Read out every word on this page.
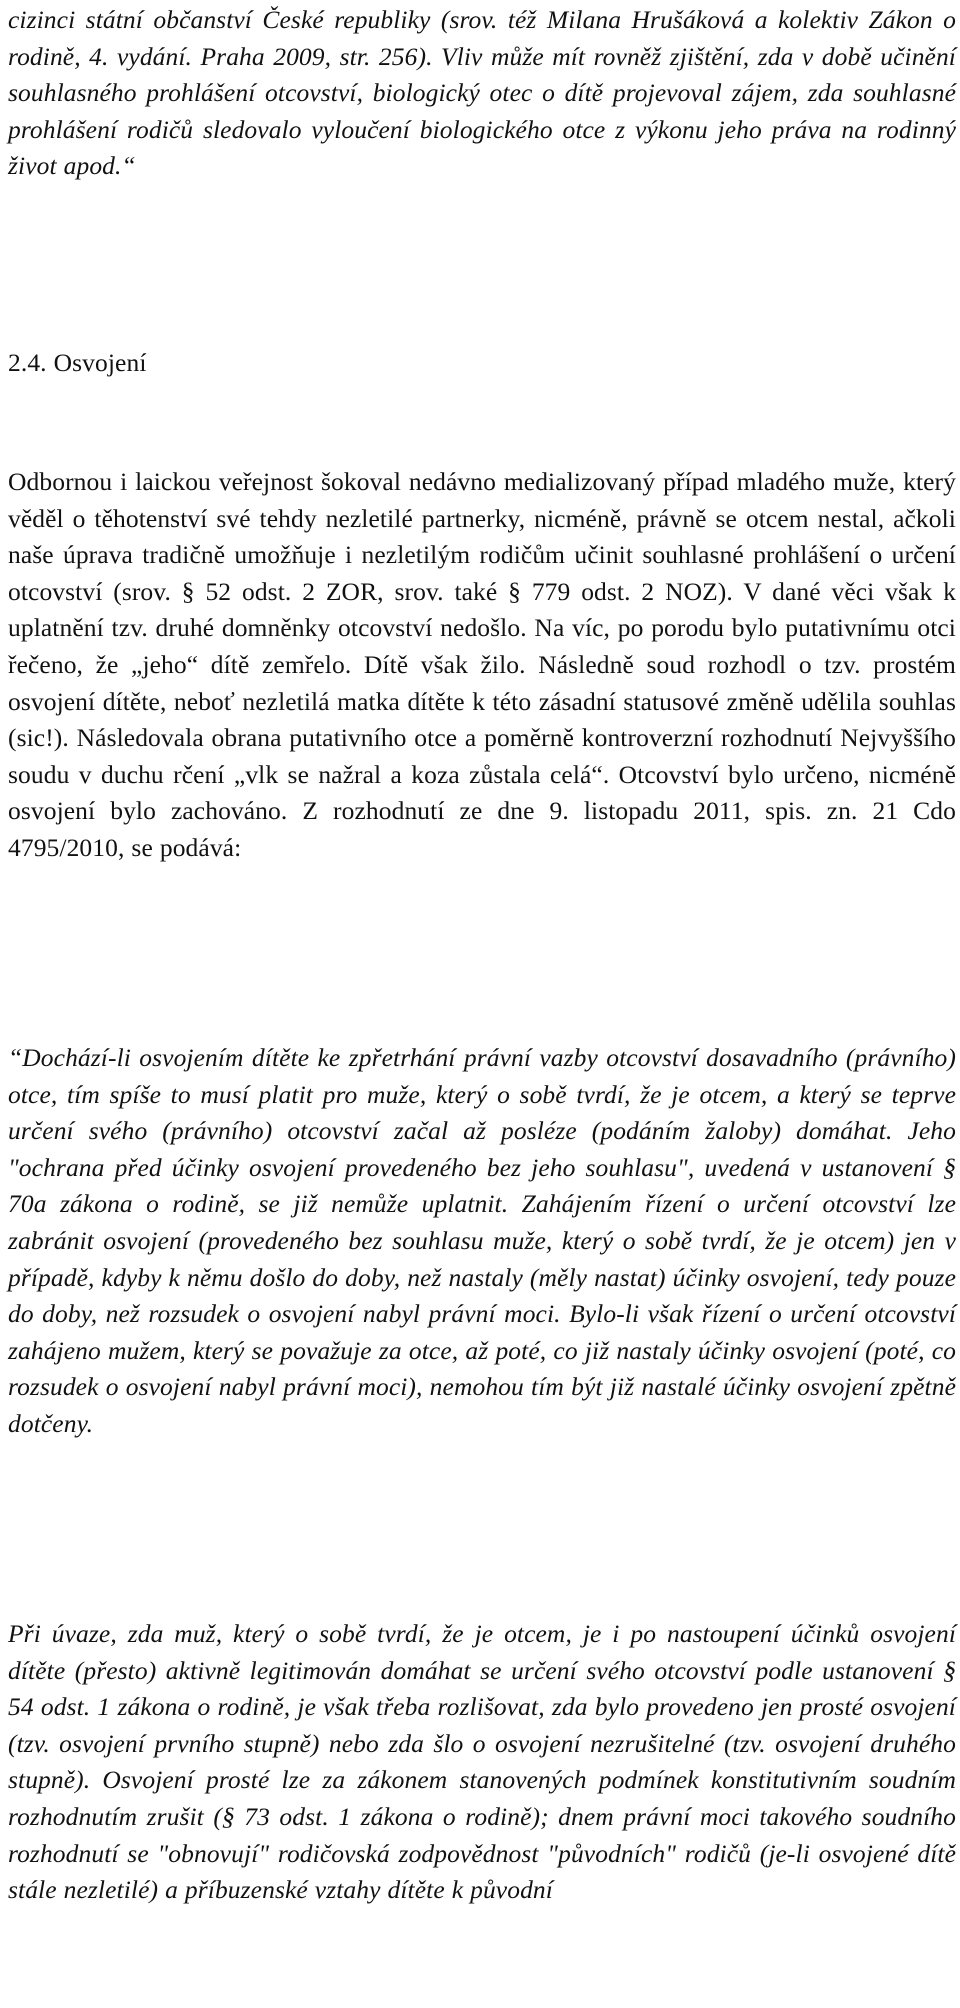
cizinci státní občanství České republiky (srov. též Milana Hrušáková a kolektiv Zákon o rodině, 4. vydání. Praha 2009, str. 256). Vliv může mít rovněž zjištění, zda v době učinění souhlasného prohlášení otcovství, biologický otec o dítě projevoval zájem, zda souhlasné prohlášení rodičů sledovalo vyloučení biologického otce z výkonu jeho práva na rodinný život apod.“

2.4. Osvojení

Odbornou i laickou veřejnost šokoval nedávno medializovaný případ mladého muže, který věděl o těhotenství své tehdy nezletilé partnerky, nicméně, právně se otcem nestal, ačkoli naše úprava tradičně umožňuje i nezletilým rodičům učinit souhlasné prohlášení o určení otcovství (srov. § 52 odst. 2 ZOR, srov. také § 779 odst. 2 NOZ). V dané věci však k uplatnění tzv. druhé domněnky otcovství nedošlo. Na víc, po porodu bylo putativnímu otci řečeno, že „jeho“ dítě zemřelo. Dítě však žilo. Následně soud rozhodl o tzv. prostém osvojení dítěte, neboť nezletilá matka dítěte k této zásadní statusové změně udělila souhlas (sic!). Následovala obrana putativního otce a poměrně kontroverzní rozhodnutí Nejvyššího soudu v duchu rčení „vlk se nažral a koza zůstala celá“. Otcovství bylo určeno, nicméně osvojení bylo zachováno. Z rozhodnutí ze dne 9. listopadu 2011, spis. zn. 21 Cdo 4795/2010, se podává:

“Dochází-li osvojením dítěte ke zpřetrhání právní vazby otcovství dosavadního (právního) otce, tím spíše to musí platit pro muže, který o sobě tvrdí, že je otcem, a který se teprve určení svého (právního) otcovství začal až posléze (podáním žaloby) domáhat. Jeho "ochrana před účinky osvojení provedeného bez jeho souhlasu", uvedená v ustanovení § 70a zákona o rodině, se již nemůže uplatnit. Zahájením řízení o určení otcovství lze zabránit osvojení (provedeného bez souhlasu muže, který o sobě tvrdí, že je otcem) jen v případě, kdyby k němu došlo do doby, než nastaly (měly nastat) účinky osvojení, tedy pouze do doby, než rozsudek o osvojení nabyl právní moci. Bylo-li však řízení o určení otcovství zahájeno mužem, který se považuje za otce, až poté, co již nastaly účinky osvojení (poté, co rozsudek o osvojení nabyl právní moci), nemohou tím být již nastalé účinky osvojení zpětně dotčeny.

Při úvaze, zda muž, který o sobě tvrdí, že je otcem, je i po nastoupení účinků osvojení dítěte (přesto) aktivně legitimován domáhat se určení svého otcovství podle ustanovení § 54 odst. 1 zákona o rodině, je však třeba rozlišovat, zda bylo provedeno jen prosté osvojení (tzv. osvojení prvního stupně) nebo zda šlo o osvojení nezrušitelné (tzv. osvojení druhého stupně). Osvojení prosté lze za zákonem stanovených podmínek konstitutivním soudním rozhodnutím zrušit (§ 73 odst. 1 zákona o rodině); dnem právní moci takového soudního rozhodnutí se "obnovují" rodičovská zodpovědnost "původních" rodičů (je-li osvojené dítě stále nezletilé) a příbuzenské vztahy dítěte k původní
